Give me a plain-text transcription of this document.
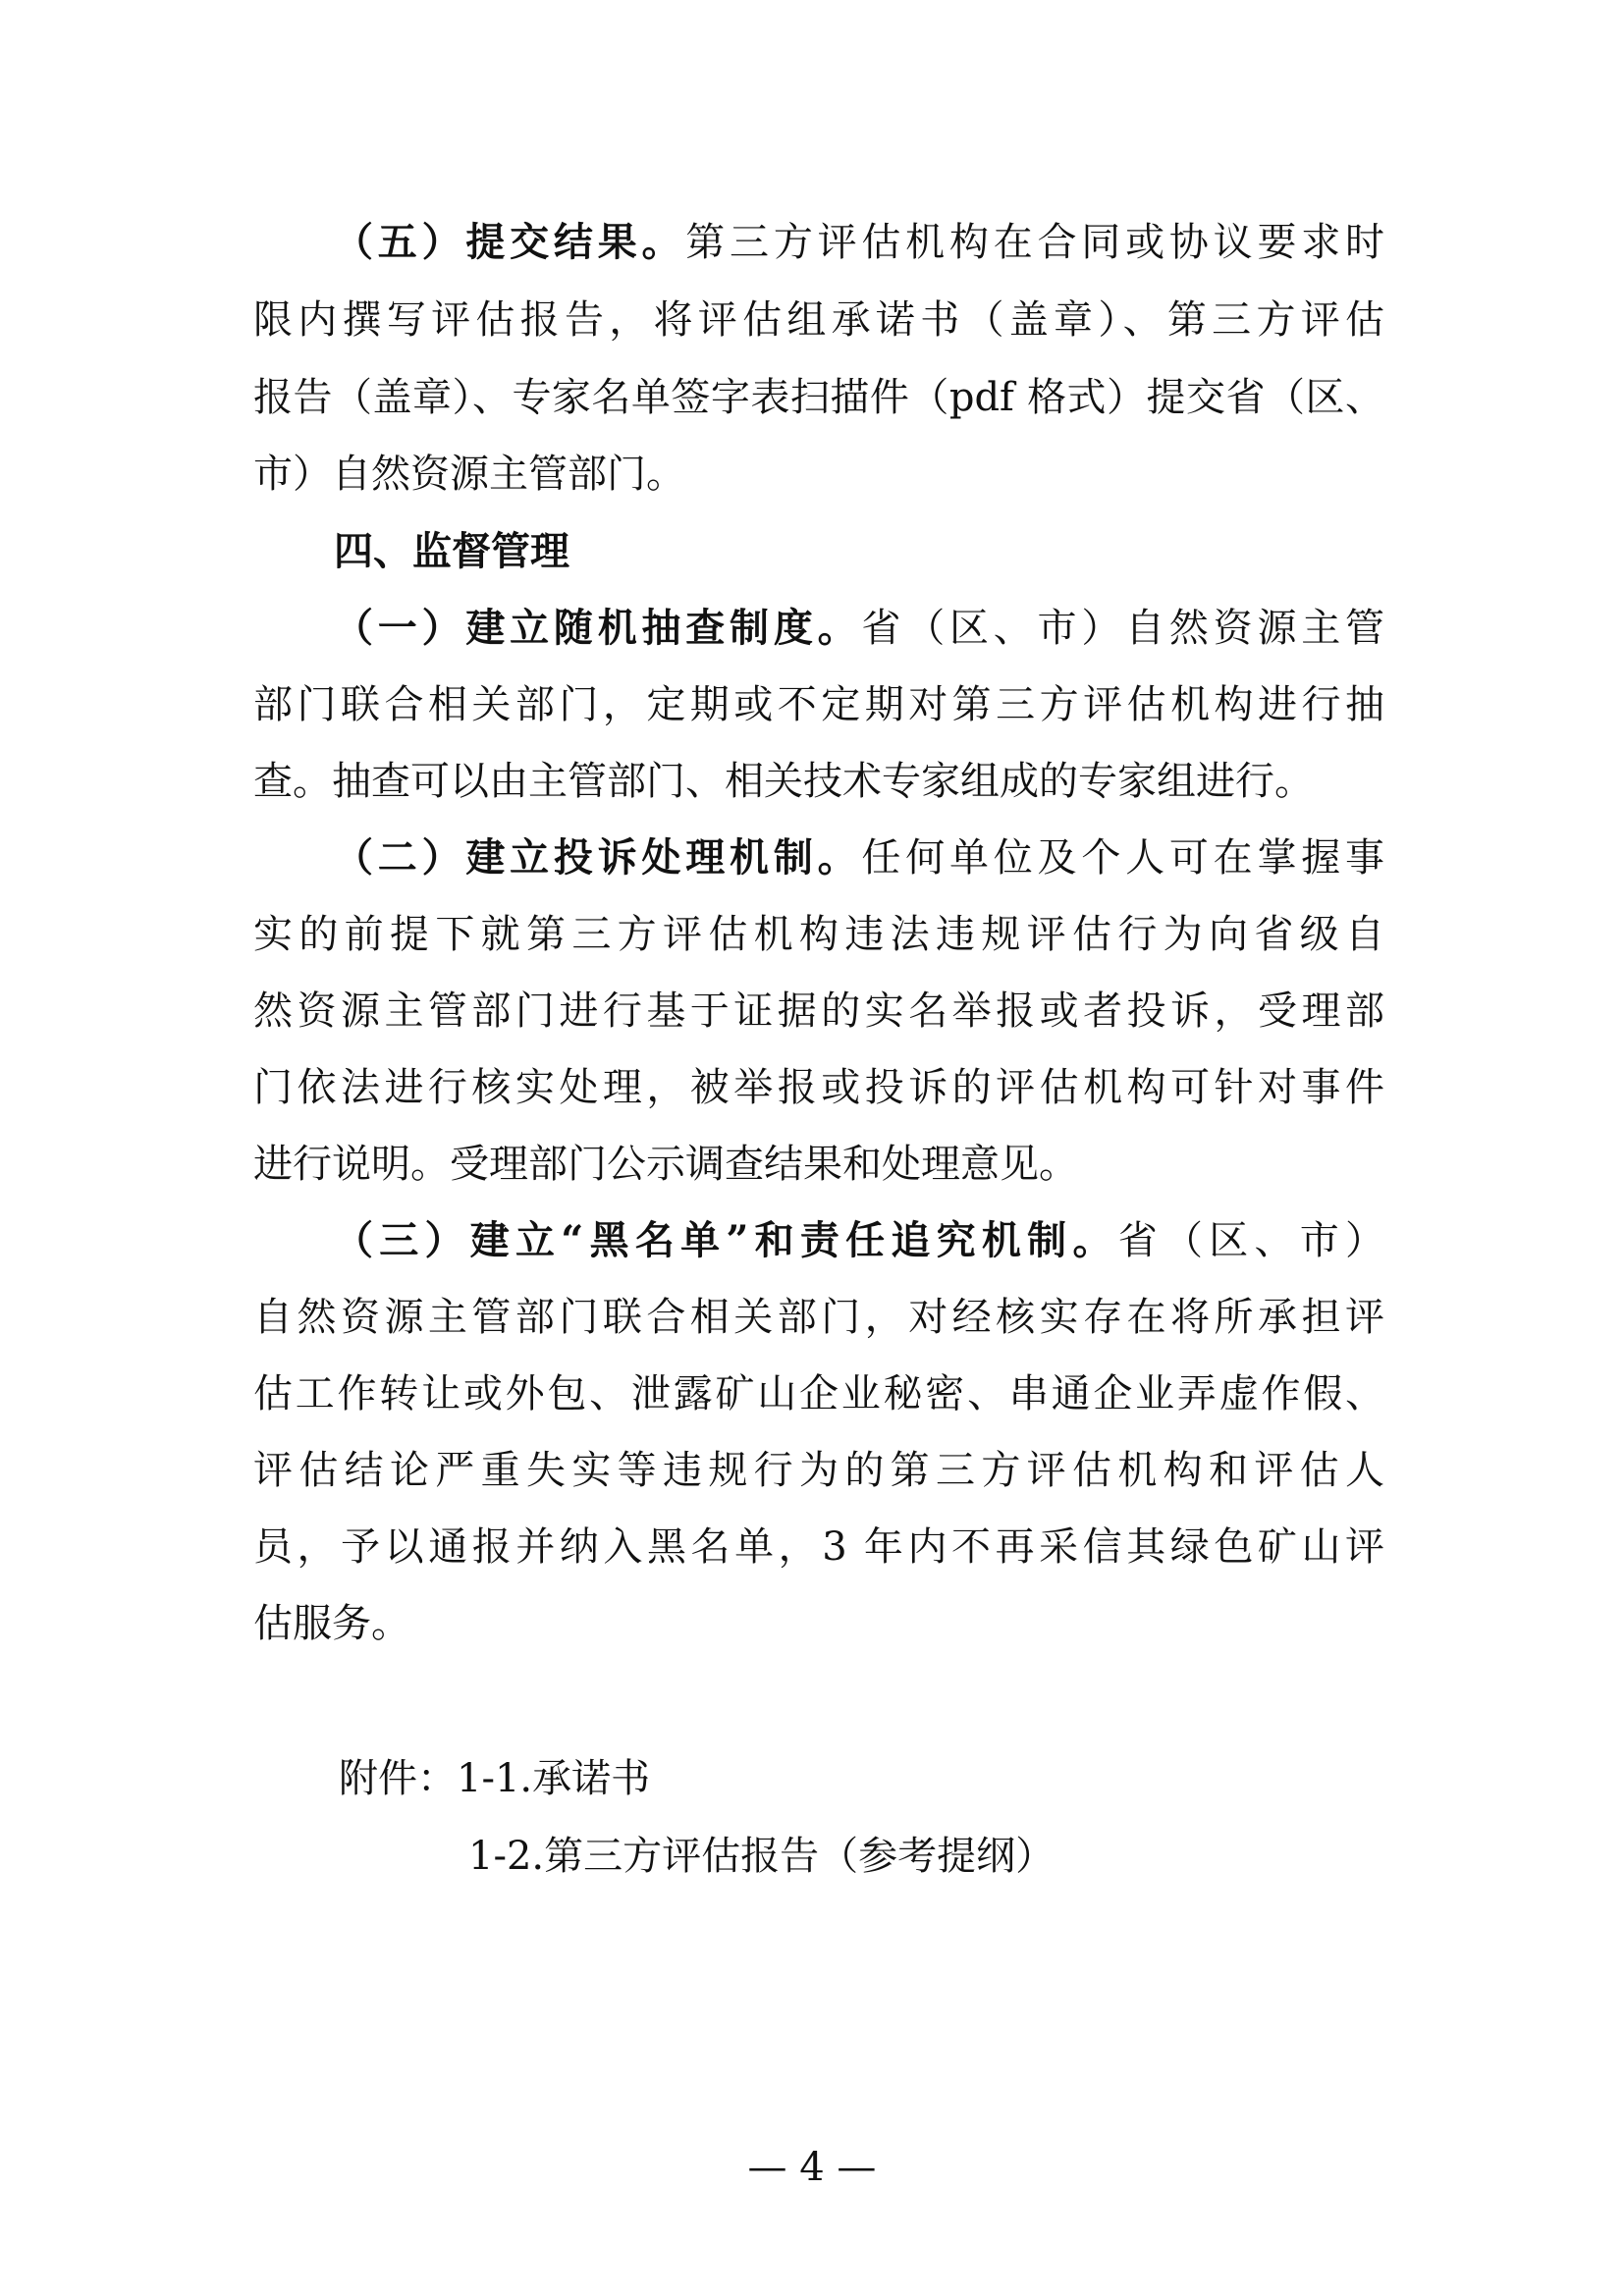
（五）提交结果。第三方评估机构在合同或协议要求时
限内撰写评估报告，将评估组承诺书（盖章）、第三方评估
报告（盖章）、专家名单签字表扫描件（pdf 格式）提交省（区、
市）自然资源主管部门。
四、监督管理
（一）建立随机抽查制度。省（区、市）自然资源主管
部门联合相关部门，定期或不定期对第三方评估机构进行抽
查。抽查可以由主管部门、相关技术专家组成的专家组进行。
（二）建立投诉处理机制。任何单位及个人可在掌握事
实的前提下就第三方评估机构违法违规评估行为向省级自
然资源主管部门进行基于证据的实名举报或者投诉，受理部
门依法进行核实处理，被举报或投诉的评估机构可针对事件
进行说明。受理部门公示调查结果和处理意见。
（三）建立“黑名单”和责任追究机制。省（区、市）
自然资源主管部门联合相关部门，对经核实存在将所承担评
估工作转让或外包、泄露矿山企业秘密、串通企业弄虚作假、
评估结论严重失实等违规行为的第三方评估机构和评估人
员，予以通报并纳入黑名单，3 年内不再采信其绿色矿山评
估服务。
附件：1-1.承诺书
1-2.第三方评估报告（参考提纲）
— 4 —
